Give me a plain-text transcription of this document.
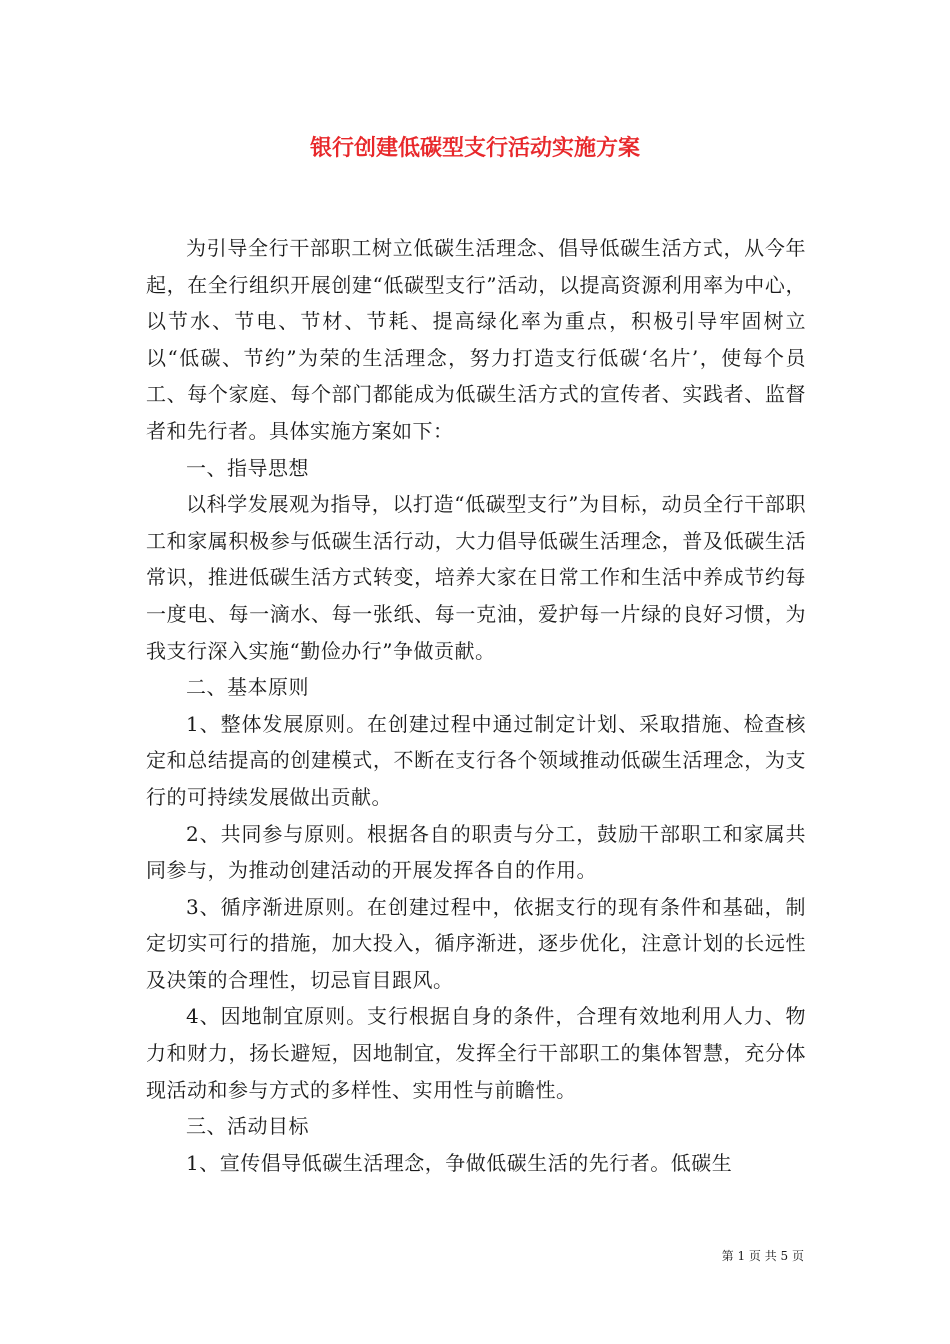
银行创建低碳型支行活动实施方案

为引导全行干部职工树立低碳生活理念、倡导低碳生活方式，从今年起，在全行组织开展创建“低碳型支行”活动，以提高资源利用率为中心，以节水、节电、节材、节耗、提高绿化率为重点，积极引导牢固树立以“低碳、节约”为荣的生活理念，努力打造支行低碳‘名片’，使每个员工、每个家庭、每个部门都能成为低碳生活方式的宣传者、实践者、监督者和先行者。具体实施方案如下：

一、指导思想

以科学发展观为指导，以打造“低碳型支行”为目标，动员全行干部职工和家属积极参与低碳生活行动，大力倡导低碳生活理念，普及低碳生活常识，推进低碳生活方式转变，培养大家在日常工作和生活中养成节约每一度电、每一滴水、每一张纸、每一克油，爱护每一片绿的良好习惯，为我支行深入实施“勤俭办行”争做贡献。

二、基本原则

1、整体发展原则。在创建过程中通过制定计划、采取措施、检查核定和总结提高的创建模式，不断在支行各个领域推动低碳生活理念，为支行的可持续发展做出贡献。

2、共同参与原则。根据各自的职责与分工，鼓励干部职工和家属共同参与，为推动创建活动的开展发挥各自的作用。

3、循序渐进原则。在创建过程中，依据支行的现有条件和基础，制定切实可行的措施，加大投入，循序渐进，逐步优化，注意计划的长远性及决策的合理性，切忌盲目跟风。

4、因地制宜原则。支行根据自身的条件，合理有效地利用人力、物力和财力，扬长避短，因地制宜，发挥全行干部职工的集体智慧，充分体现活动和参与方式的多样性、实用性与前瞻性。

三、活动目标

1、宣传倡导低碳生活理念，争做低碳生活的先行者。低碳生

第 1 页 共 5 页
